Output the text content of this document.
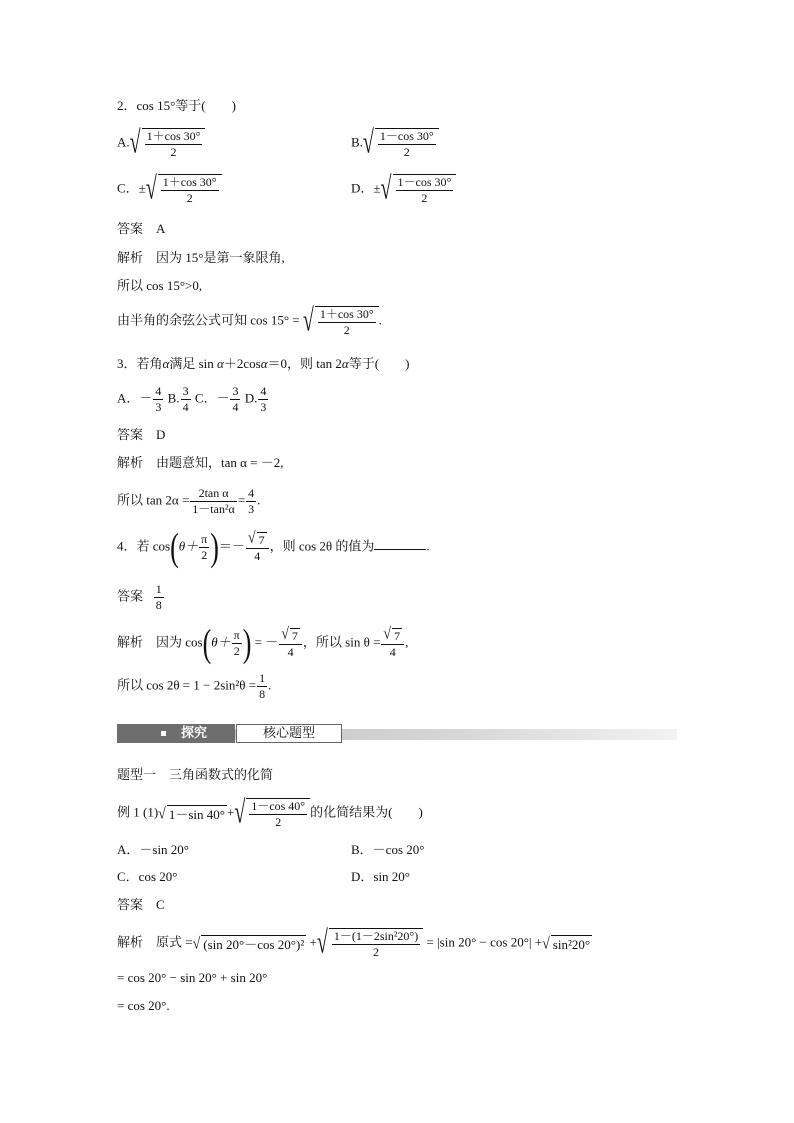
2．cos 15°等于(　　)
A. √ $\frac{1+\cos 30^\circ}{2}$	B. √ $\frac{1-\cos 30^\circ}{2}$
C．± √ $\frac{1+\cos 30^\circ}{2}$	D．± √ $\frac{1-\cos 30^\circ}{2}$
答案　A
解析　因为 15°是第一象限角,
所以 cos 15°>0,
由半角的余弦公式可知 cos 15° = √ $\frac{1+\cos 30^\circ}{2}$ .
3．若角α满足 sin α＋2cosα＝0，则 tan 2α等于(　　)
A．－ $\frac{4}{3} B$. $\frac{3}{4}$ C．－ $\frac{3}{4} D$. $\frac{4}{3}$
答案　D
解析　由题意知，tan α = －2,
所以 $\tan 2\alpha = \frac{\text{2tan α}}{\text{1－tan²α}} = \frac{4}{3}$ .
4．若 $\cos(\theta+ \frac{\pi}{2}$ )＝－ $\frac{√ 7}{4}$ ，则 cos 2θ 的值为	.
答案 $\frac{1}{8}$
解析　因为 $\cos(\theta+ \frac{\pi}{2}$ ) = － $\frac{√ 7}{4}$ ，所以 $\sin \theta = \frac{√ 7}{4}$ ,
所以 $\cos 2\theta = 1 - 2\sin^2\theta = \frac{1}{8}$ .
探究	核心题型
题型一　三角函数式的化简
例 1 (1) √ 1－sin 40° + √ $\frac{1-\cos 40^\circ}{2}$ 的化简结果为(　　)
A．－sin 20°	B．－cos 20°
C．cos 20°	D．sin 20°
答案　C
解析　原式 = √ (sin 20°－cos 20°)² + √ $\frac{\text{1－(1－2sin²20°)}}{2} = |\sin$ 20° − cos 20°| + √ sin²20°
= cos 20° − sin 20° + sin 20°
= cos 20°.
